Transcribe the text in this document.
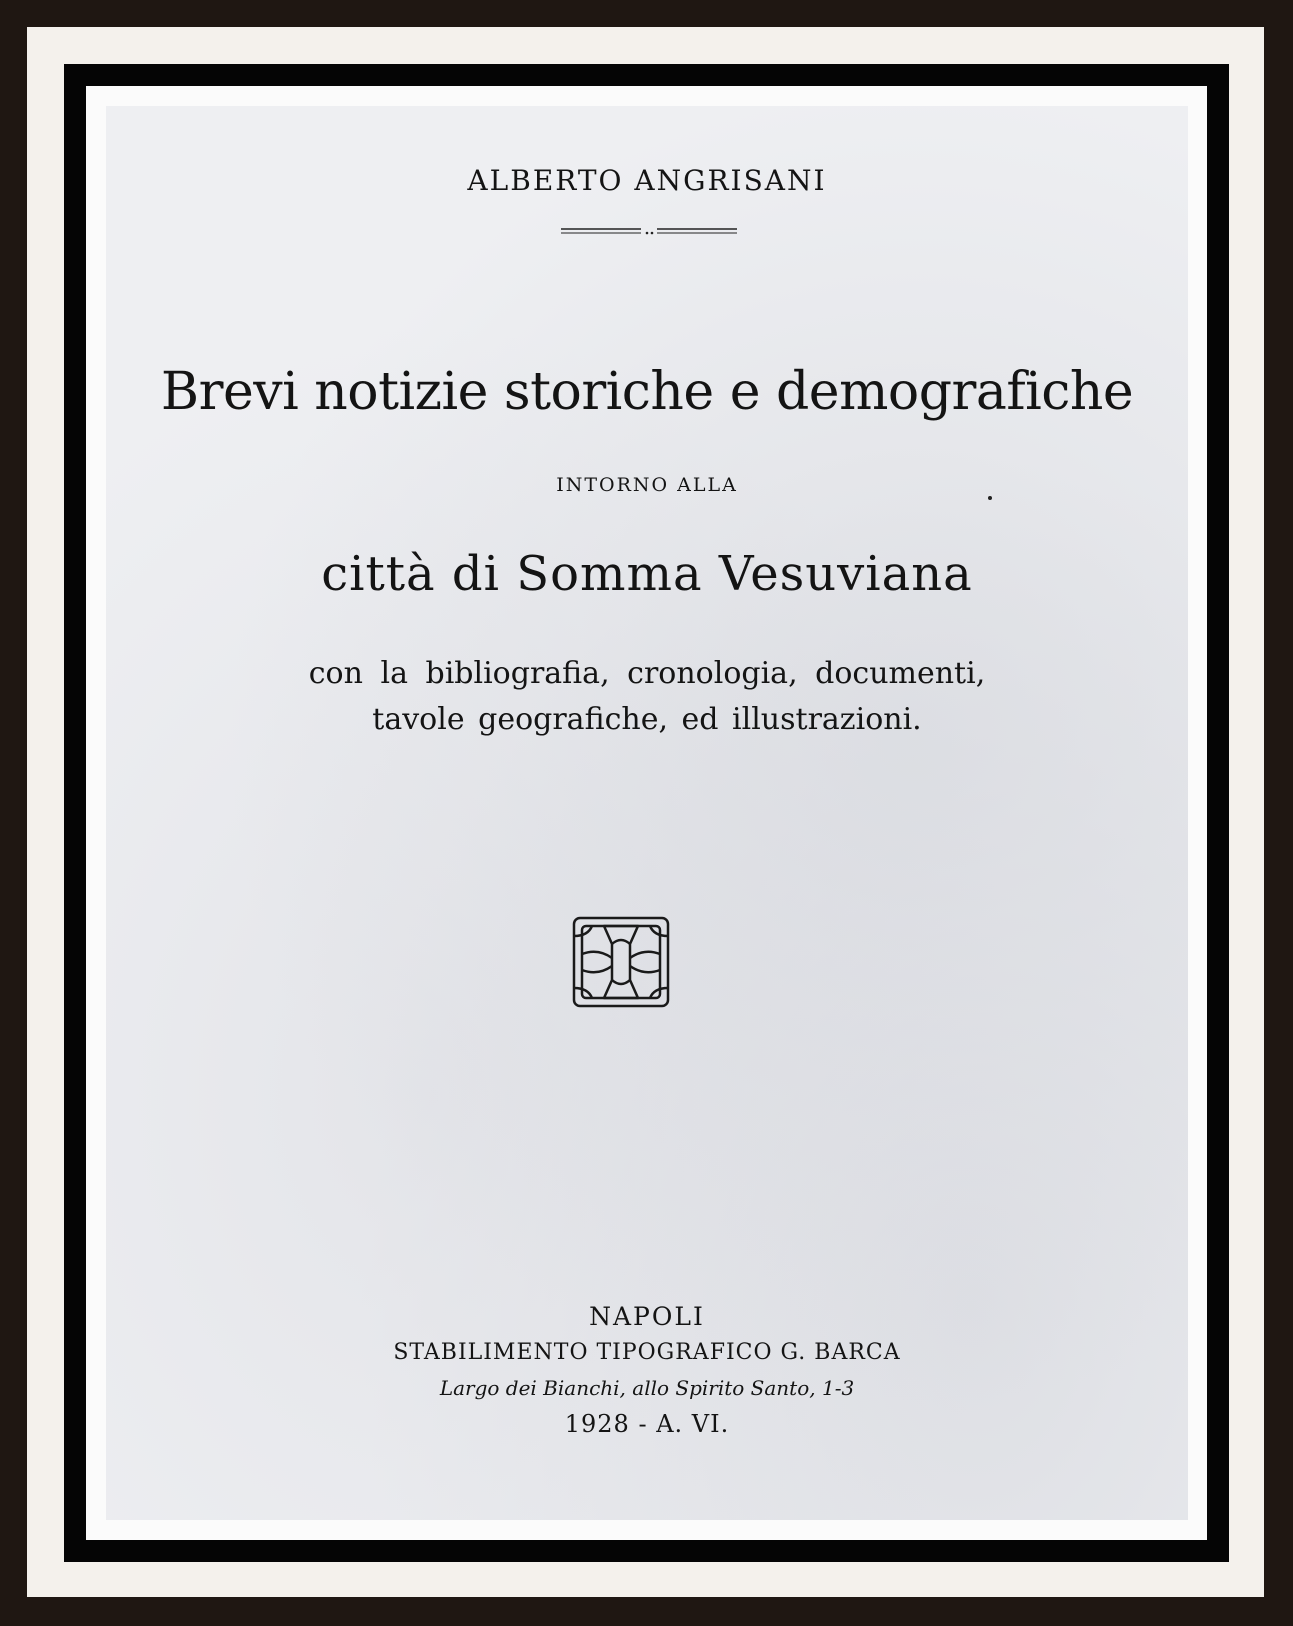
ALBERTO ANGRISANI
Brevi notizie storiche e demografiche
INTORNO ALLA
città di Somma Vesuviana
con la bibliografia, cronologia, documenti,
tavole geografiche, ed illustrazioni.
NAPOLI
STABILIMENTO TIPOGRAFICO G. BARCA
Largo dei Bianchi, allo Spirito Santo, 1-3
1928 - A. VI.
